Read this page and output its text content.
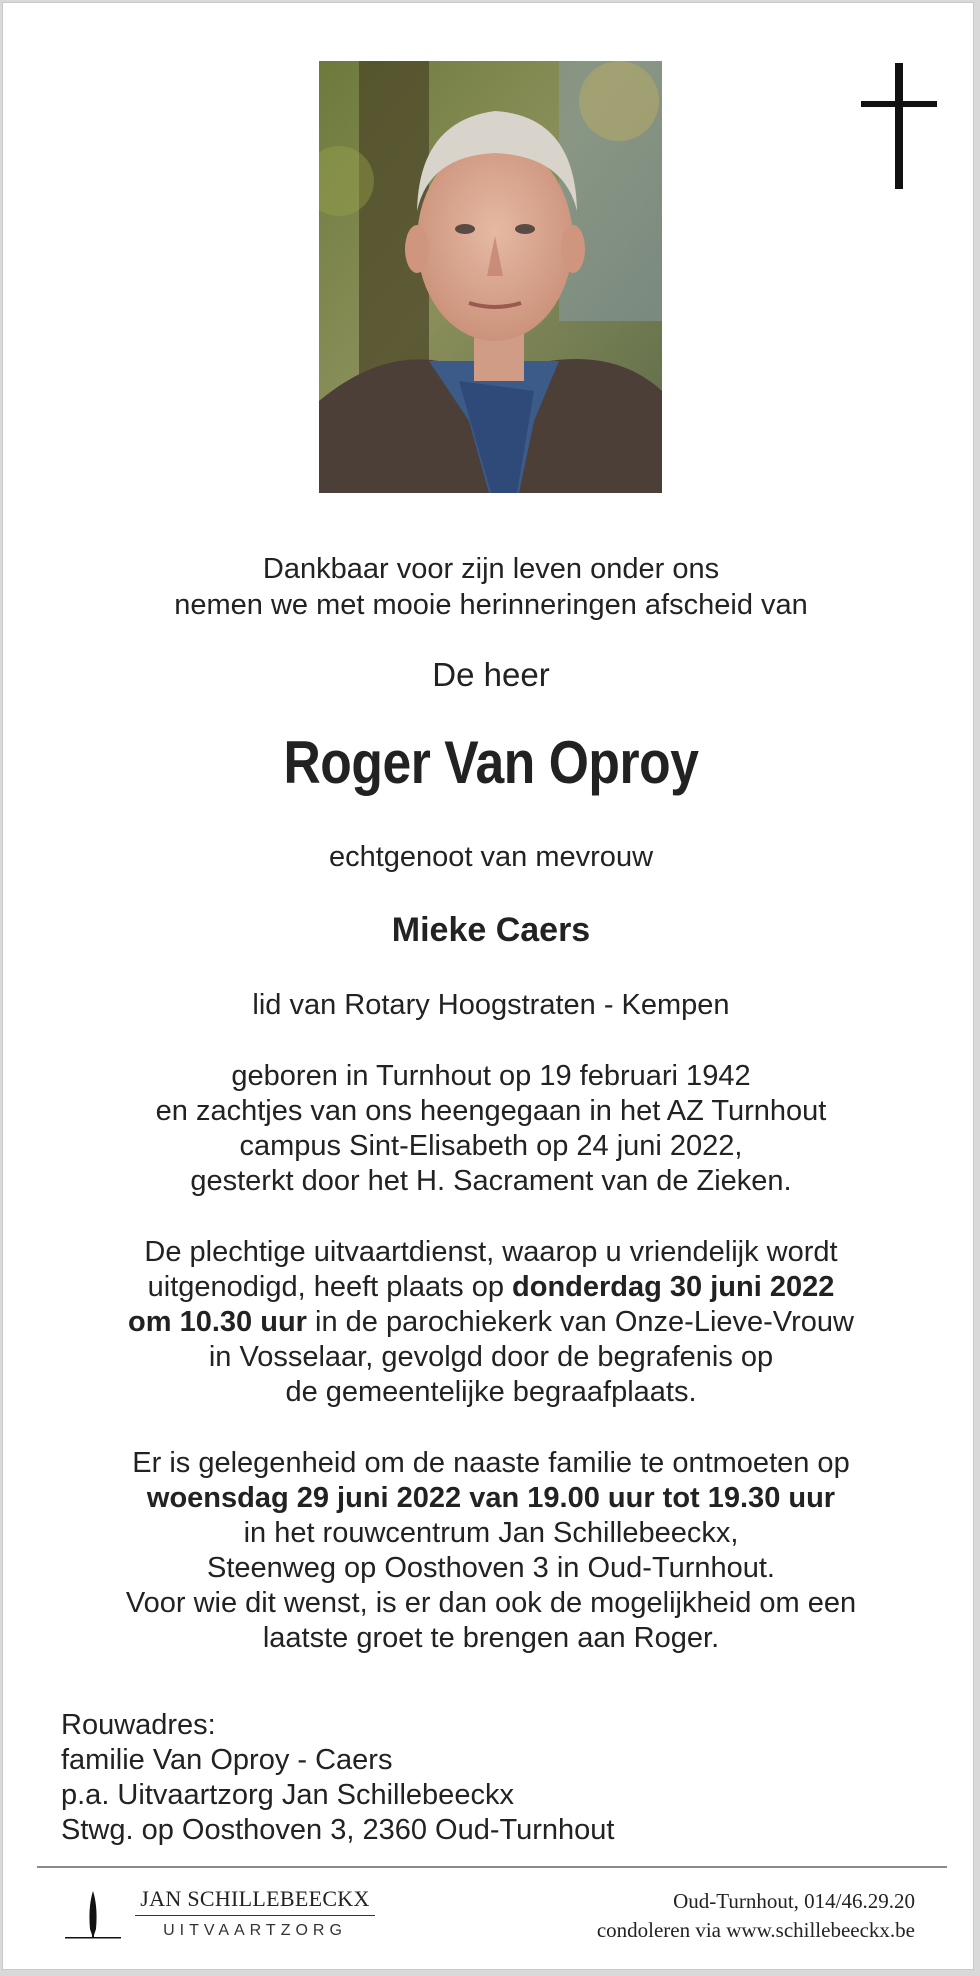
Dankbaar voor zijn leven onder ons
nemen we met mooie herinneringen afscheid van
De heer
Roger Van Oproy
echtgenoot van mevrouw
Mieke Caers
lid van Rotary Hoogstraten - Kempen
geboren in Turnhout op 19 februari 1942
en zachtjes van ons heengegaan in het AZ Turnhout
campus Sint-Elisabeth op 24 juni 2022,
gesterkt door het H. Sacrament van de Zieken.
De plechtige uitvaartdienst, waarop u vriendelijk wordt
uitgenodigd, heeft plaats op donderdag 30 juni 2022
om 10.30 uur in de parochiekerk van Onze-Lieve-Vrouw
in Vosselaar, gevolgd door de begrafenis op
de gemeentelijke begraafplaats.
Er is gelegenheid om de naaste familie te ontmoeten op
woensdag 29 juni 2022 van 19.00 uur tot 19.30 uur
in het rouwcentrum Jan Schillebeeckx,
Steenweg op Oosthoven 3 in Oud-Turnhout.
Voor wie dit wenst, is er dan ook de mogelijkheid om een
laatste groet te brengen aan Roger.
Rouwadres:
familie Van Oproy - Caers
p.a. Uitvaartzorg Jan Schillebeeckx
Stwg. op Oosthoven 3, 2360 Oud-Turnhout
JAN SCHILLEBEECKX
UITVAARTZORG
Oud-Turnhout, 014/46.29.20
condoleren via www.schillebeeckx.be
